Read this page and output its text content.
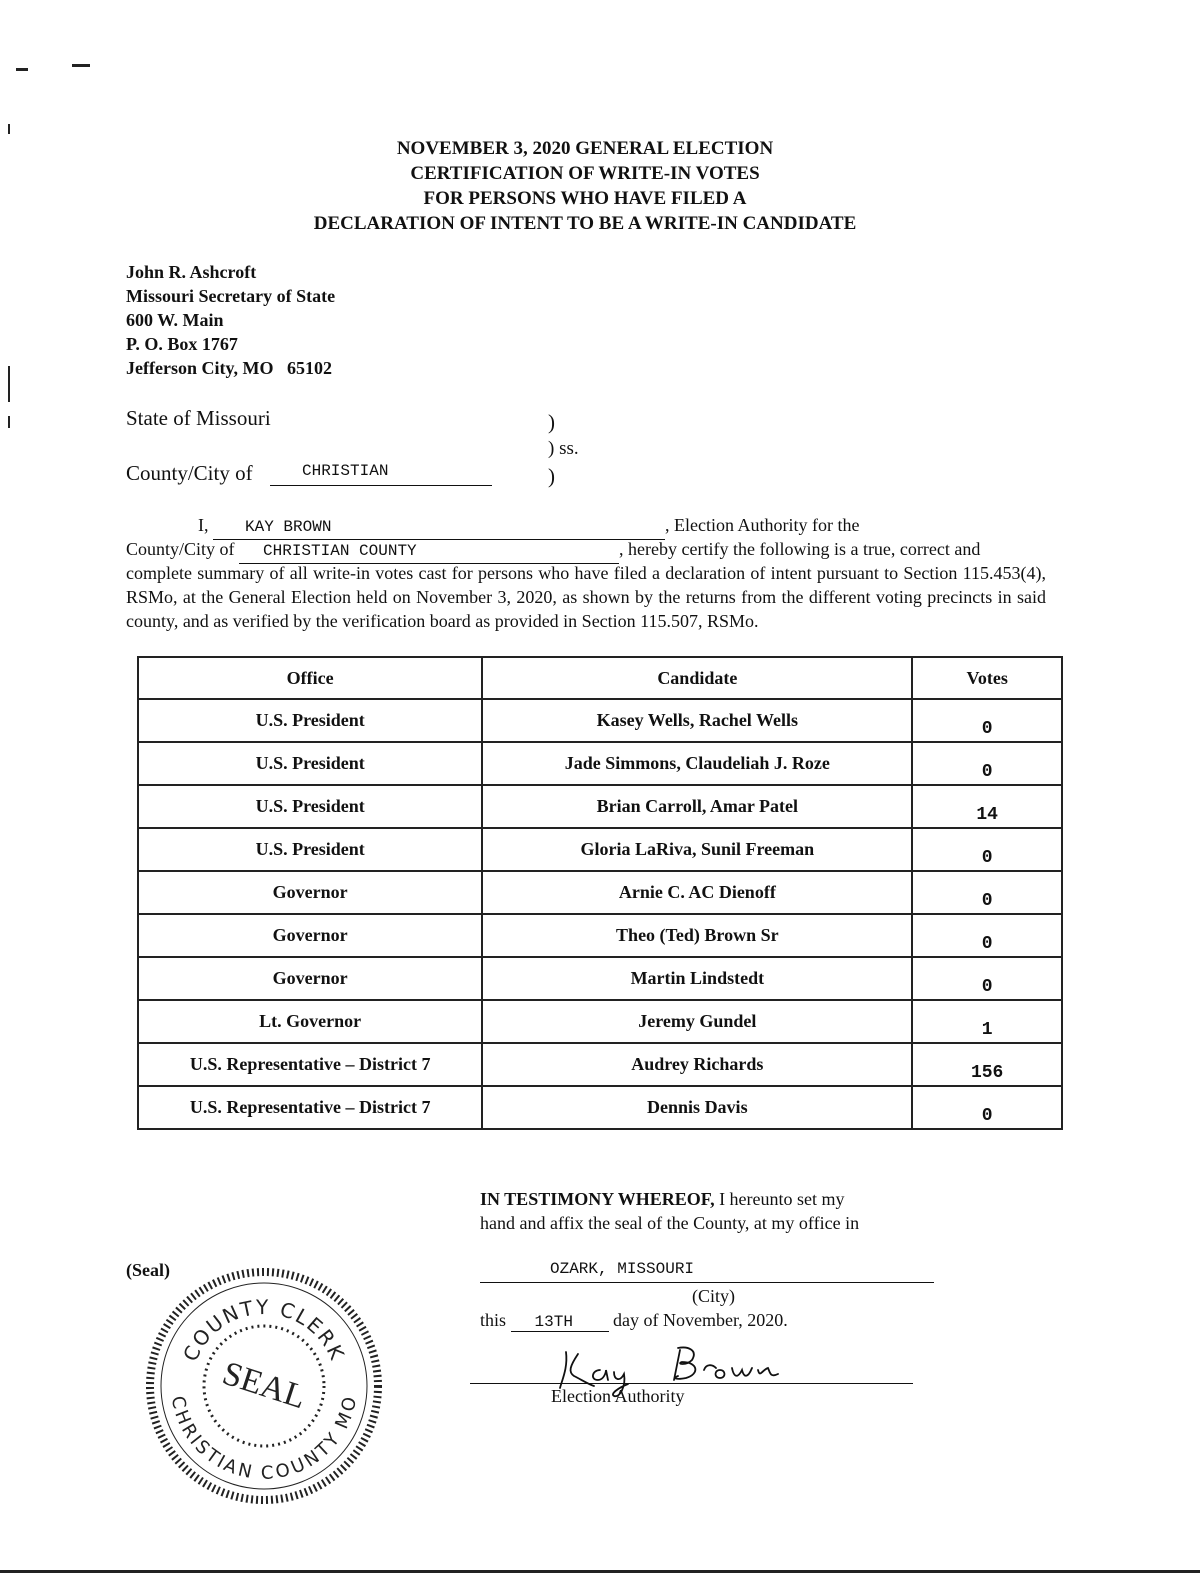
NOVEMBER 3, 2020 GENERAL ELECTION
CERTIFICATION OF WRITE-IN VOTES
FOR PERSONS WHO HAVE FILED A
DECLARATION OF INTENT TO BE A WRITE-IN CANDIDATE
John R. Ashcroft
Missouri Secretary of State
600 W. Main
P. O. Box 1767
Jefferson City, MO   65102
State of Missouri	)
) ss.
County/City of	CHRISTIAN	)
I, KAY BROWN	, Election Authority for the
County/City of CHRISTIAN COUNTY	, hereby certify the following is a true, correct and
complete summary of all write-in votes cast for persons who have filed a declaration of intent pursuant to Section 115.453(4), RSMo, at the General Election held on November 3, 2020, as shown by the returns from the different voting precincts in said county, and as verified by the verification board as provided in Section 115.507, RSMo.
Office	Candidate	Votes
U.S. President	Kasey Wells, Rachel Wells	0
U.S. President	Jade Simmons, Claudeliah J. Roze	0
U.S. President	Brian Carroll, Amar Patel	14
U.S. President	Gloria LaRiva, Sunil Freeman	0
Governor	Arnie C. AC Dienoff	0
Governor	Theo (Ted) Brown Sr	0
Governor	Martin Lindstedt	0
Lt. Governor	Jeremy Gundel	1
U.S. Representative – District 7	Audrey Richards	156
U.S. Representative – District 7	Dennis Davis	0
IN TESTIMONY WHEREOF, I hereunto set my
hand and affix the seal of the County, at my office in
OZARK, MISSOURI
(City)
this 13TH day of November, 2020.
Election Authority
(Seal)
COUNTY CLERK
CHRISTIAN COUNTY MO
SEAL
